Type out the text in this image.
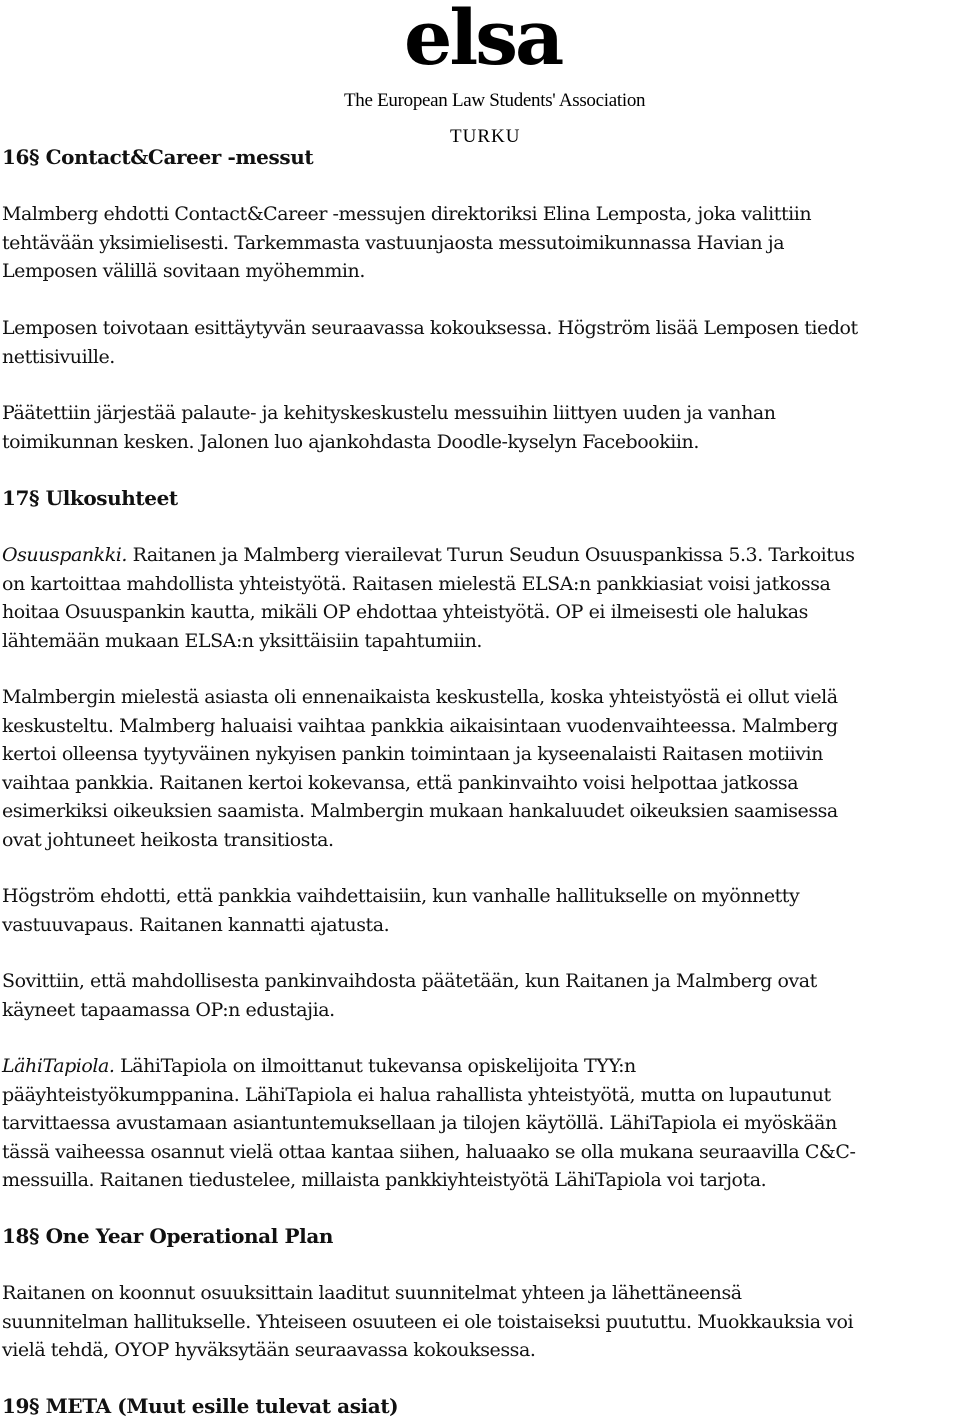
elsa
The European Law Students' Association
TURKU
16§ Contact&Career -messut
Malmberg ehdotti Contact&Career -messujen direktoriksi Elina Lemposta, joka valittiin
tehtävään yksimielisesti. Tarkemmasta vastuunjaosta messutoimikunnassa Havian ja
Lemposen välillä sovitaan myöhemmin.
Lemposen toivotaan esittäytyvän seuraavassa kokouksessa. Högström lisää Lemposen tiedot
nettisivuille.
Päätettiin järjestää palaute- ja kehityskeskustelu messuihin liittyen uuden ja vanhan
toimikunnan kesken. Jalonen luo ajankohdasta Doodle-kyselyn Facebookiin.
17§ Ulkosuhteet
Osuuspankki. Raitanen ja Malmberg vierailevat Turun Seudun Osuuspankissa 5.3. Tarkoitus
on kartoittaa mahdollista yhteistyötä. Raitasen mielestä ELSA:n pankkiasiat voisi jatkossa
hoitaa Osuuspankin kautta, mikäli OP ehdottaa yhteistyötä. OP ei ilmeisesti ole halukas
lähtemään mukaan ELSA:n yksittäisiin tapahtumiin.
Malmbergin mielestä asiasta oli ennenaikaista keskustella, koska yhteistyöstä ei ollut vielä
keskusteltu. Malmberg haluaisi vaihtaa pankkia aikaisintaan vuodenvaihteessa. Malmberg
kertoi olleensa tyytyväinen nykyisen pankin toimintaan ja kyseenalaisti Raitasen motiivin
vaihtaa pankkia. Raitanen kertoi kokevansa, että pankinvaihto voisi helpottaa jatkossa
esimerkiksi oikeuksien saamista. Malmbergin mukaan hankaluudet oikeuksien saamisessa
ovat johtuneet heikosta transitiosta.
Högström ehdotti, että pankkia vaihdettaisiin, kun vanhalle hallitukselle on myönnetty
vastuuvapaus. Raitanen kannatti ajatusta.
Sovittiin, että mahdollisesta pankinvaihdosta päätetään, kun Raitanen ja Malmberg ovat
käyneet tapaamassa OP:n edustajia.
LähiTapiola. LähiTapiola on ilmoittanut tukevansa opiskelijoita TYY:n
pääyhteistyökumppanina. LähiTapiola ei halua rahallista yhteistyötä, mutta on lupautunut
tarvittaessa avustamaan asiantuntemuksellaan ja tilojen käytöllä. LähiTapiola ei myöskään
tässä vaiheessa osannut vielä ottaa kantaa siihen, haluaako se olla mukana seuraavilla C&C-
messuilla. Raitanen tiedustelee, millaista pankkiyhteistyötä LähiTapiola voi tarjota.
18§ One Year Operational Plan
Raitanen on koonnut osuuksittain laaditut suunnitelmat yhteen ja lähettäneensä
suunnitelman hallitukselle. Yhteiseen osuuteen ei ole toistaiseksi puututtu. Muokkauksia voi
vielä tehdä, OYOP hyväksytään seuraavassa kokouksessa.
19§ META (Muut esille tulevat asiat)
